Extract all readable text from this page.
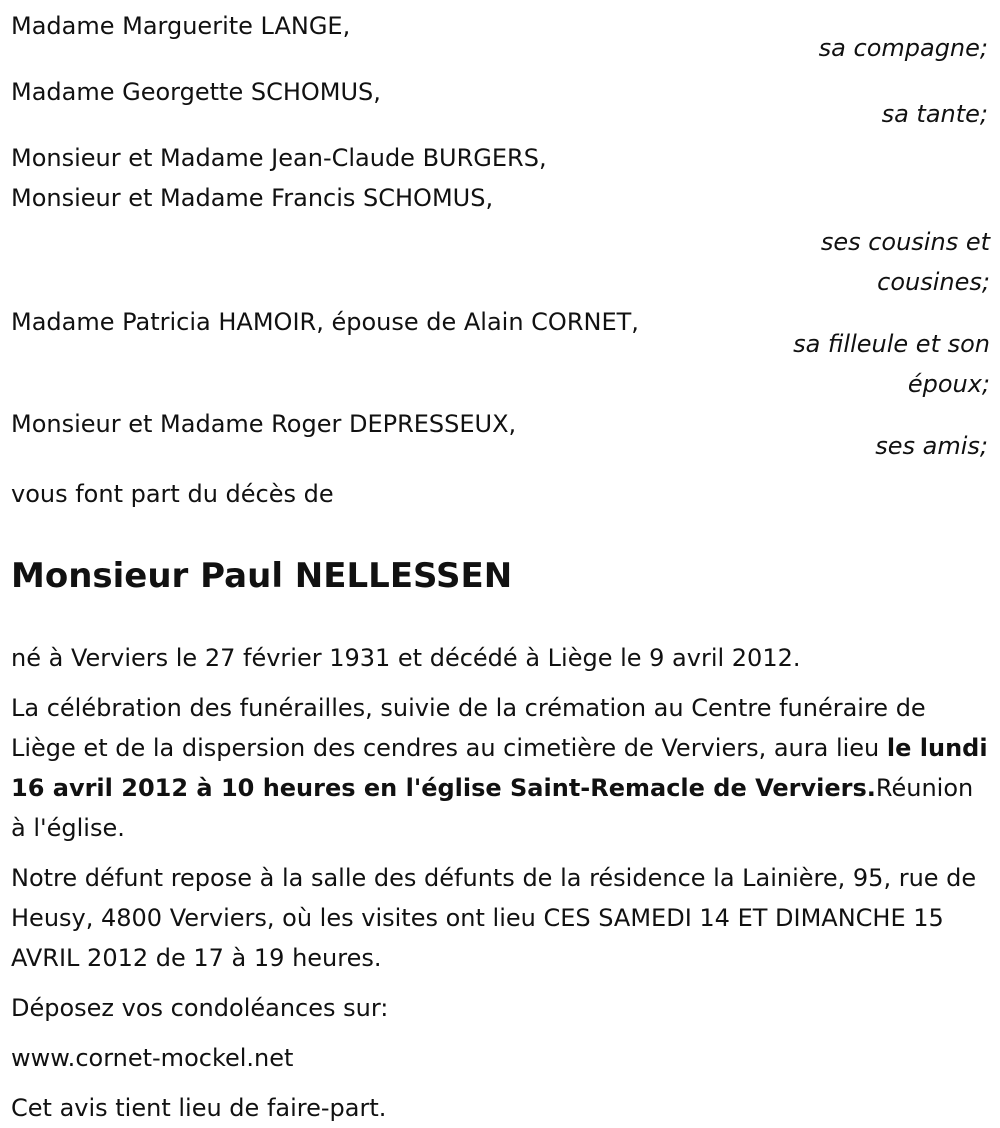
Madame Marguerite LANGE,
sa compagne;
Madame Georgette SCHOMUS,
sa tante;
Monsieur et Madame Jean-Claude BURGERS,
Monsieur et Madame Francis SCHOMUS,
ses cousins et cousines;
Madame Patricia HAMOIR, épouse de Alain CORNET,
sa filleule et son époux;
Monsieur et Madame Roger DEPRESSEUX,
ses amis;
vous font part du décès de
Monsieur Paul NELLESSEN
né à Verviers le 27 février 1931 et décédé à Liège le 9 avril 2012.
La célébration des funérailles, suivie de la crémation au Centre funéraire de Liège et de la dispersion des cendres au cimetière de Verviers, aura lieu le lundi 16 avril 2012 à 10 heures en l'église Saint-Remacle de Verviers.Réunion à l'église.
Notre défunt repose à la salle des défunts de la résidence la Lainière, 95, rue de Heusy, 4800 Verviers, où les visites ont lieu CES SAMEDI 14 ET DIMANCHE 15 AVRIL 2012 de 17 à 19 heures.
Déposez vos condoléances sur:
www.cornet-mockel.net
Cet avis tient lieu de faire-part.
